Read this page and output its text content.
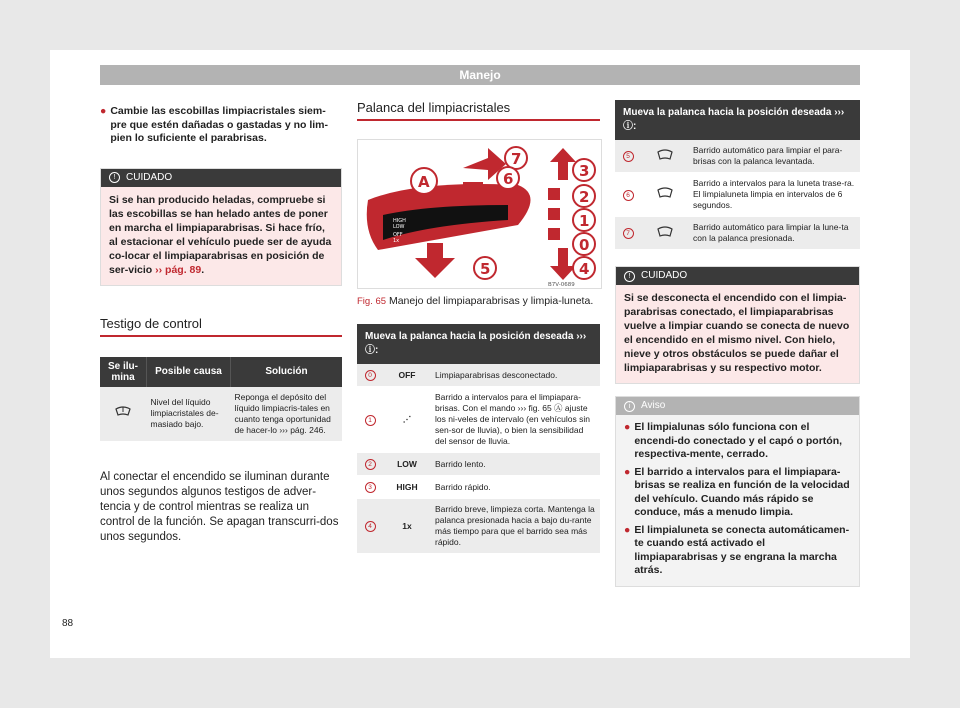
Manejo
● Cambie las escobillas limpiacristales siem-pre que estén dañadas o gastadas y no lim-pien lo suficiente el parabrisas.
!	CUIDADO
Si se han producido heladas, compruebe si las escobillas se han helado antes de poner en marcha el limpiaparabrisas. Si hace frío, al estacionar el vehículo puede ser de ayuda co-locar el limpiaparabrisas en posición de ser-vicio ›› pág. 89.
Testigo de control
Se ilu-mina	Posible causa	Solución
	Nivel del líquido limpiacristales de-masiado bajo.	Reponga el depósito del líquido limpiacris-tales en cuanto tenga oportunidad de hacer-lo ››› pág. 246.
Al conectar el encendido se iluminan durante unos segundos algunos testigos de adver-tencia y de control mientras se realiza un control de la función. Se apagan transcurri-dos unos segundos.
Palanca del limpiacristales
HIGH
LOW
OFF
1x
A
7
6	3
2
1
0
4
5
B7V-0689
Fig. 65 Manejo del limpiaparabrisas y limpia-luneta.
Mueva la palanca hacia la posición deseada ››› ⓘ:		
0	OFF	Limpiaparabrisas desconectado.
1	⋰	Barrido a intervalos para el limpiapara-brisas. Con el mando ››› fig. 65 Ⓐ ajuste los ni-veles de intervalo (en vehículos sin sen-sor de lluvia), o bien la sensibilidad del sensor de lluvia.
2	LOW	Barrido lento.
3	HIGH	Barrido rápido.
4	1x	Barrido breve, limpieza corta. Mantenga la palanca presionada hacia a bajo du-rante más tiempo para que el barrido sea más rápido.
Mueva la palanca hacia la posición deseada ››› ⓘ:		
5		Barrido automático para limpiar el para-brisas con la palanca levantada.
6		Barrido a intervalos para la luneta trase-ra. El limpialuneta limpia en intervalos de 6 segundos.
7		Barrido automático para limpiar la lune-ta con la palanca presionada.
!	CUIDADO
Si se desconecta el encendido con el limpia-parabrisas conectado, el limpiaparabrisas vuelve a limpiar cuando se conecta de nuevo el encendido en el mismo nivel. Con hielo, nieve y otros obstáculos se puede dañar el limpiaparabrisas y su respectivo motor.
i	Aviso
● El limpialunas sólo funciona con el encendi-do conectado y el capó o portón, respectiva-mente, cerrado.
● El barrido a intervalos para el limpiapara-brisas se realiza en función de la velocidad del vehículo. Cuando más rápido se conduce, más a menudo limpia.
● El limpialuneta se conecta automáticamen-te cuando está activado el limpiaparabrisas y se engrana la marcha atrás.
88
